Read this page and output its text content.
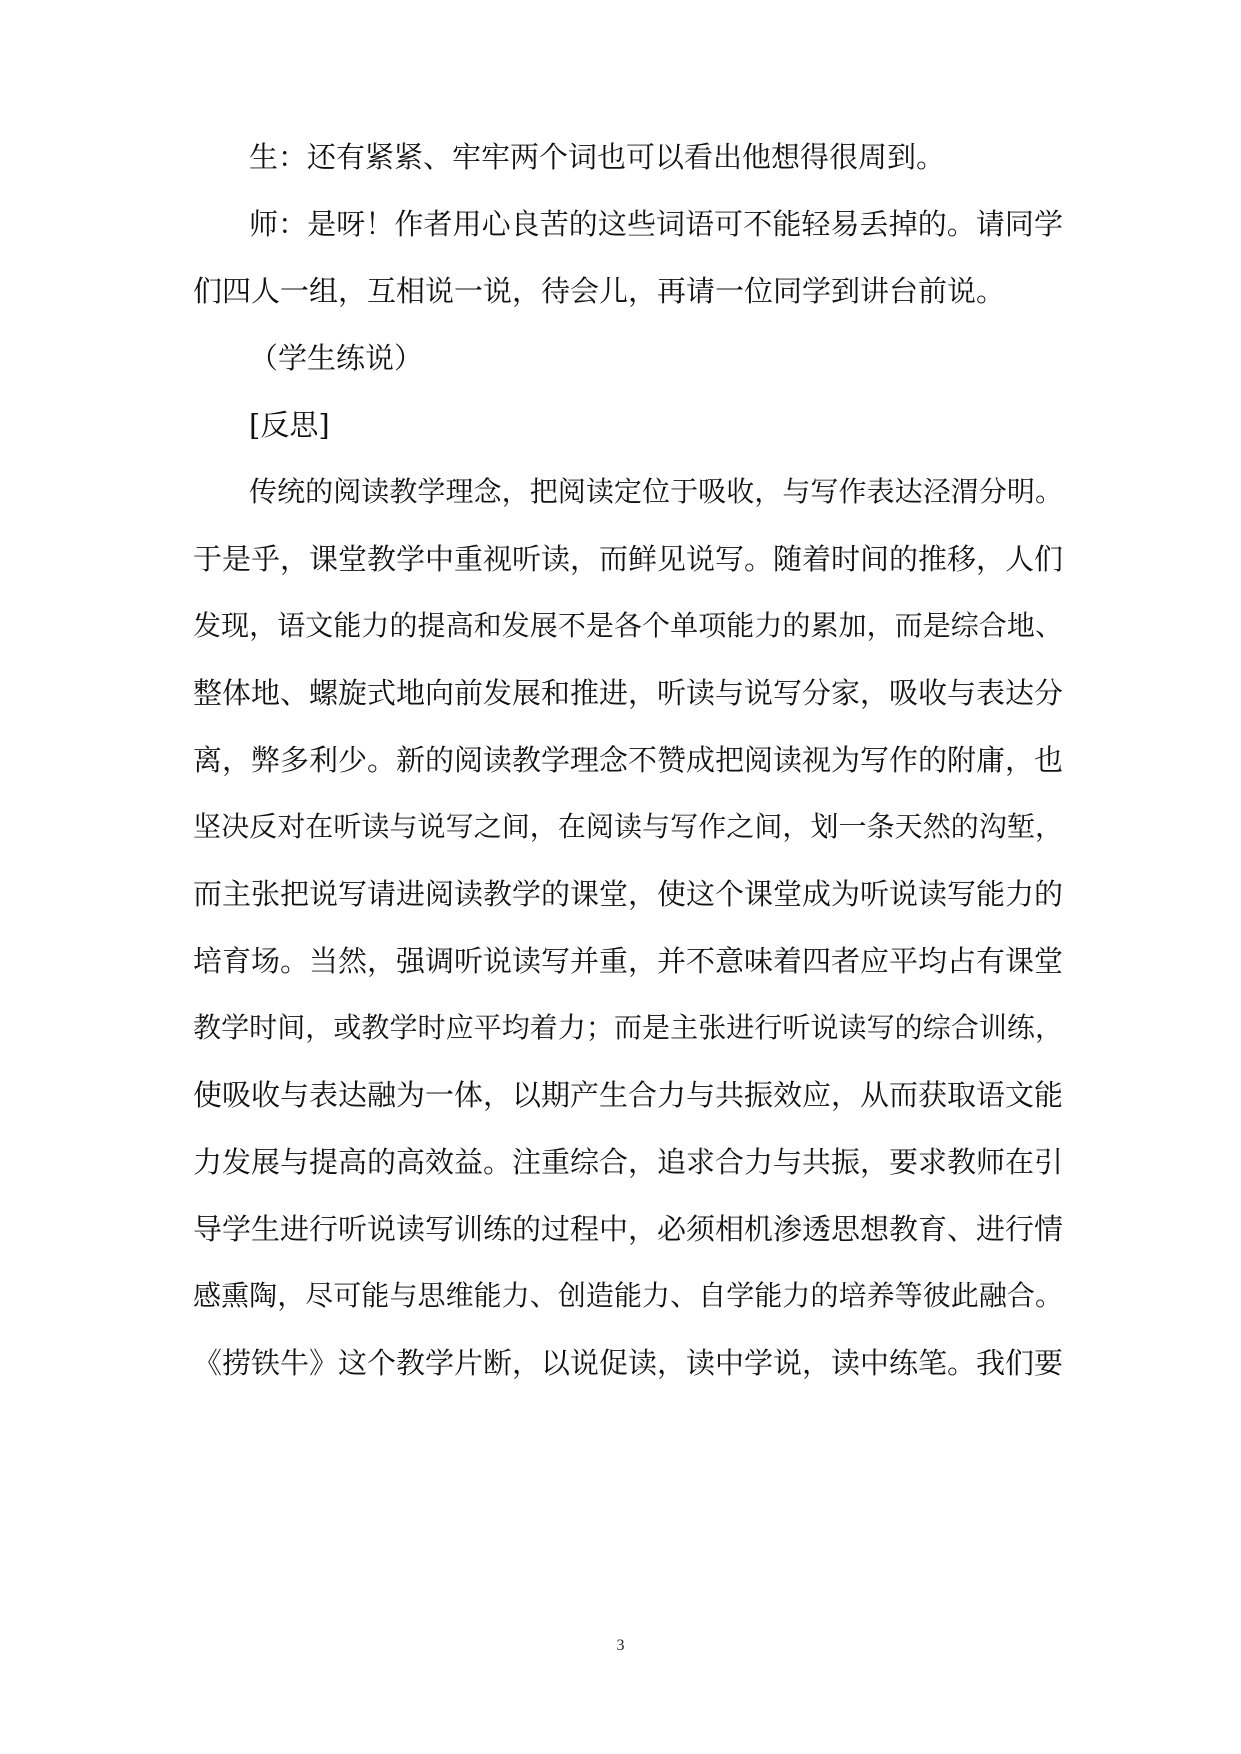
生：还有紧紧、牢牢两个词也可以看出他想得很周到。
师：是呀！作者用心良苦的这些词语可不能轻易丢掉的。请同学
们四人一组，互相说一说，待会儿，再请一位同学到讲台前说。
（学生练说）
[反思]
传统的阅读教学理念，把阅读定位于吸收，与写作表达泾渭分明。
于是乎，课堂教学中重视听读，而鲜见说写。随着时间的推移，人们
发现，语文能力的提高和发展不是各个单项能力的累加，而是综合地、
整体地、螺旋式地向前发展和推进，听读与说写分家，吸收与表达分
离，弊多利少。新的阅读教学理念不赞成把阅读视为写作的附庸，也
坚决反对在听读与说写之间，在阅读与写作之间，划一条天然的沟堑，
而主张把说写请进阅读教学的课堂，使这个课堂成为听说读写能力的
培育场。当然，强调听说读写并重，并不意味着四者应平均占有课堂
教学时间，或教学时应平均着力；而是主张进行听说读写的综合训练，
使吸收与表达融为一体，以期产生合力与共振效应，从而获取语文能
力发展与提高的高效益。注重综合，追求合力与共振，要求教师在引
导学生进行听说读写训练的过程中，必须相机渗透思想教育、进行情
感熏陶，尽可能与思维能力、创造能力、自学能力的培养等彼此融合。
《捞铁牛》这个教学片断，以说促读，读中学说，读中练笔。我们要
3
